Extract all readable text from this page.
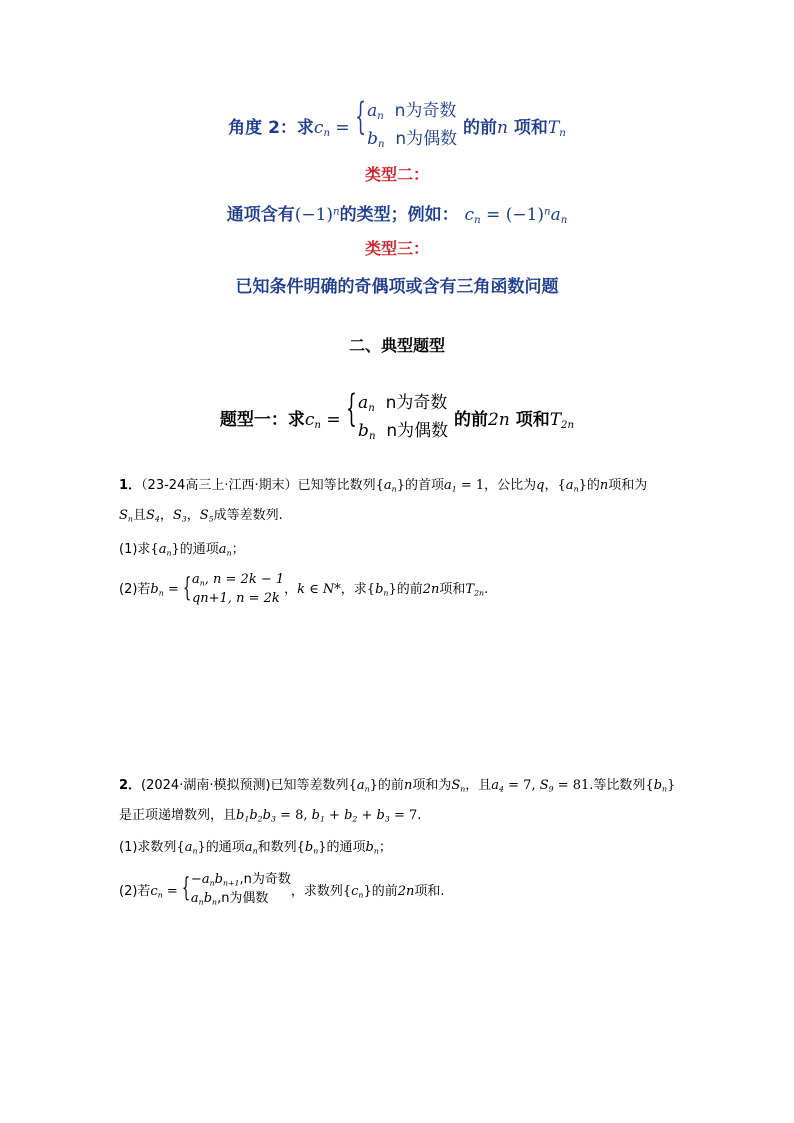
角度 2：求$c_n$ = { $a_n$ n为奇数
$b_n$ n为偶数
的前n 项和$T_n$
类型二：
通项含有$(-1)^n$的类型；例如： $c_n = (-1)^na_n$
类型三：
已知条件明确的奇偶项或含有三角函数问题
二、典型题型
题型一：求$c_n$ = { $a_n$ n为奇数
$b_n$ n为偶数
的前2n 项和$T_{2n}$
1．（23-24高三上·江西·期末）已知等比数列$\{a_n\}$的首项$a_1 = 1$，公比为q，$\{a_n\}$的n项和为
$S_n$且$S_4$，$S_3$，$S_5$成等差数列.
(1)求$\{a_n\}$的通项$a_n$；
(2)若$b_n$ = { $a_n$, n = 2k − 1
qn+1, n = 2k
，k ∈ N*，求$\{b_n\}$的前2n项和$T_{2n}$.
2．(2024·湖南·模拟预测)已知等差数列$\{a_n\}$的前n项和为$S_n$，且$a_4 = 7$, $S_9 = 81$.等比数列$\{b_n\}$
是正项递增数列，且$b_1b_2b_3 = 8$, $b_1 + b_2 + b_3 = 7$.
(1)求数列$\{a_n\}$的通项$a_n$和数列$\{b_n\}$的通项$b_n$；
(2)若$c_n$ = { $-a_nb_{n+1},n$为奇数
$a_nb_n,n$为偶数	，求数列$\{c_n\}$的前2n项和.
